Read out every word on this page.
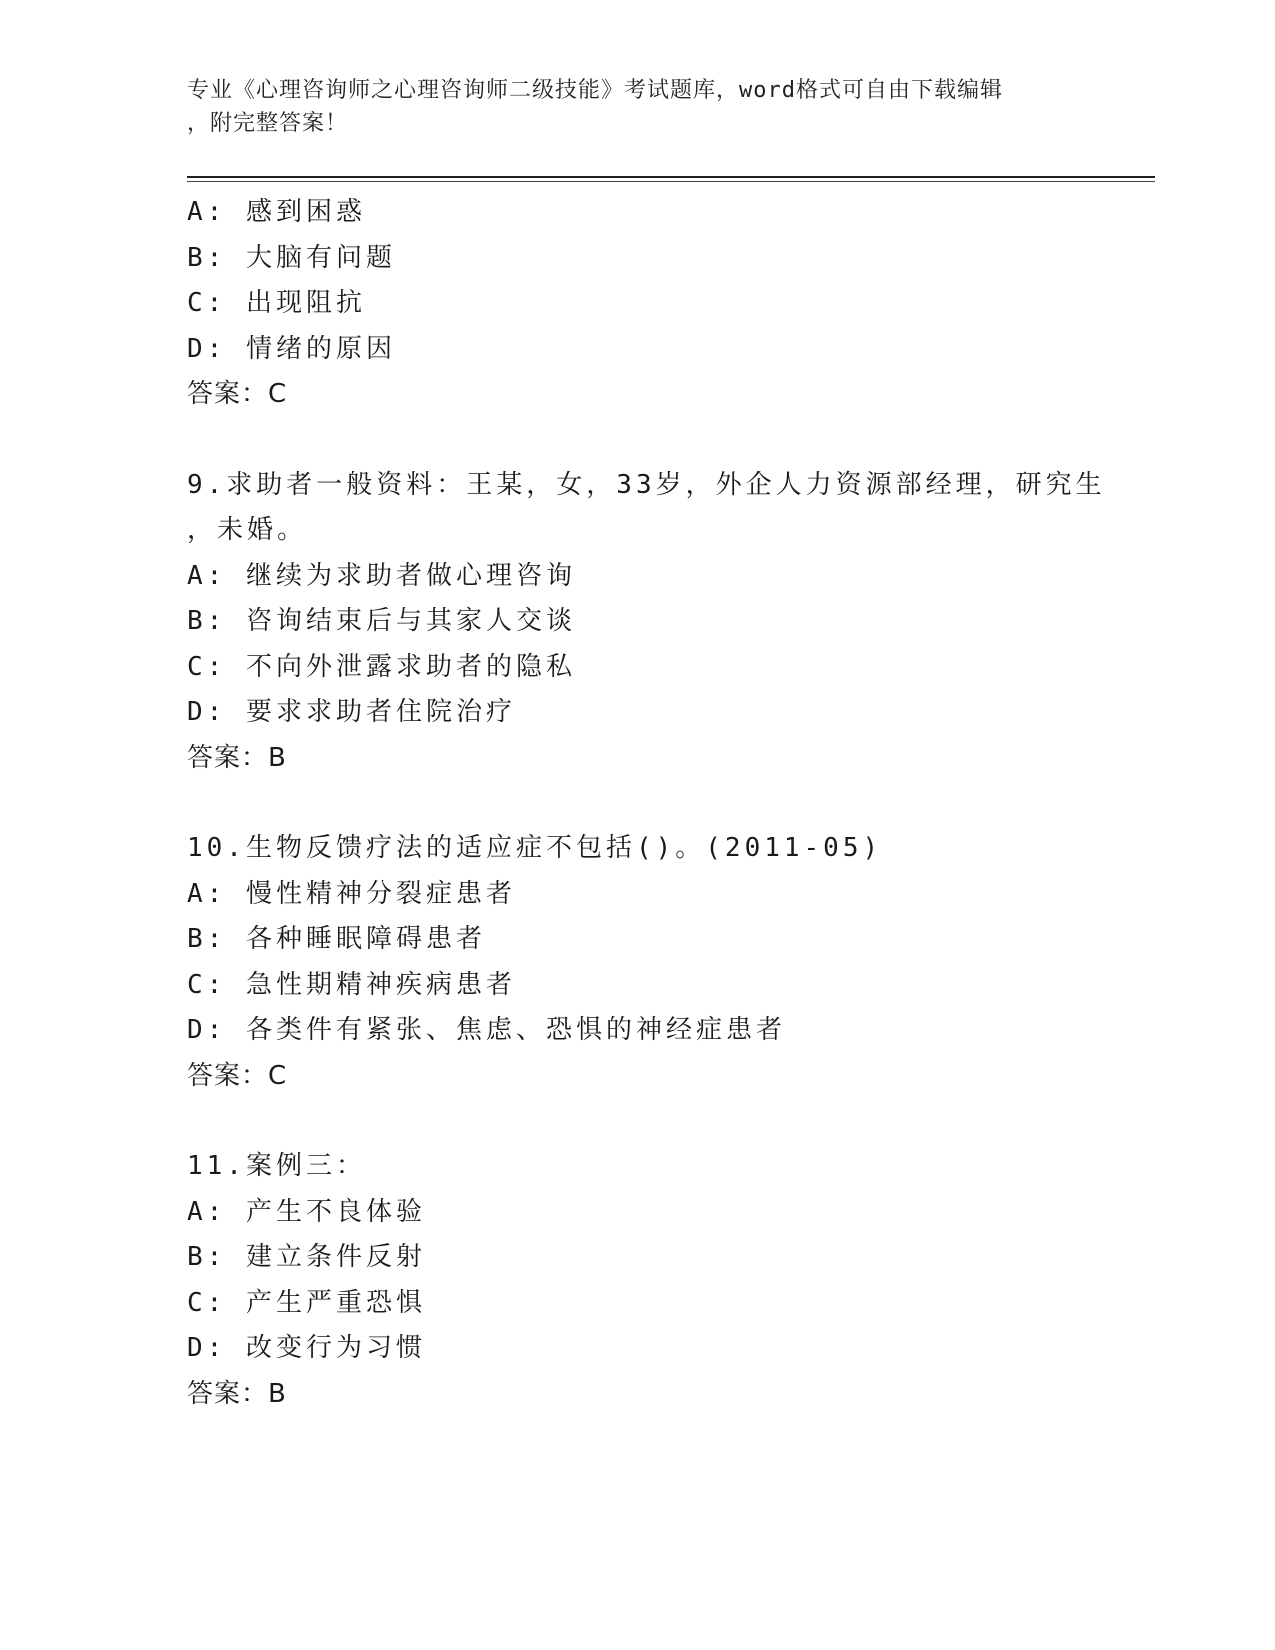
专业《心理咨询师之心理咨询师二级技能》考试题库，word格式可自由下载编辑
，附完整答案！
A: 感到困惑
B: 大脑有问题
C: 出现阻抗
D: 情绪的原因
答案：C
9.求助者一般资料：王某，女，33岁，外企人力资源部经理，研究生
，未婚。
A: 继续为求助者做心理咨询
B: 咨询结束后与其家人交谈
C: 不向外泄露求助者的隐私
D: 要求求助者住院治疗
答案：B
10.生物反馈疗法的适应症不包括()。(2011-05)
A: 慢性精神分裂症患者
B: 各种睡眠障碍患者
C: 急性期精神疾病患者
D: 各类件有紧张、焦虑、恐惧的神经症患者
答案：C
11.案例三：
A: 产生不良体验
B: 建立条件反射
C: 产生严重恐惧
D: 改变行为习惯
答案：B
